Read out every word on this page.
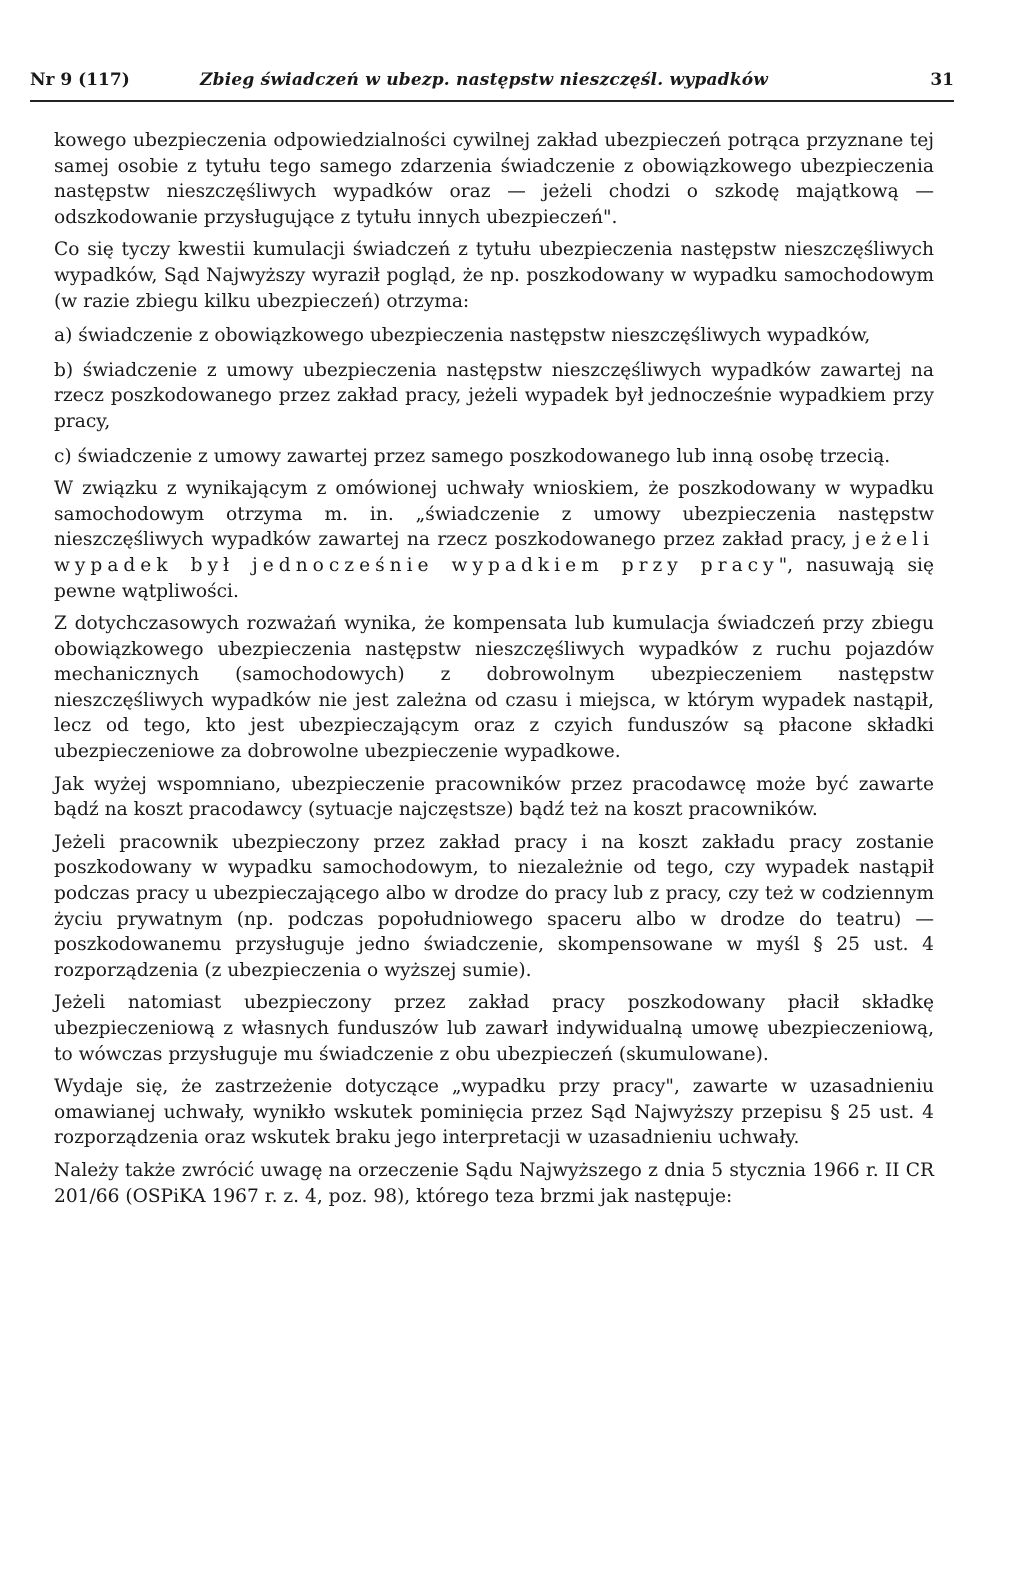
Nr 9 (117)	Zbieg świadczeń w ubezp. następstw nieszczęśl. wypadków	31

kowego ubezpieczenia odpowiedzialności cywilnej zakład ubezpieczeń potrąca przyznane tej samej osobie z tytułu tego samego zdarzenia świadczenie z obowiązkowego ubezpieczenia następstw nieszczęśliwych wypadków oraz — jeżeli chodzi o szkodę majątkową — odszkodowanie przysługujące z tytułu innych ubezpieczeń".

Co się tyczy kwestii kumulacji świadczeń z tytułu ubezpieczenia następstw nieszczęśliwych wypadków, Sąd Najwyższy wyraził pogląd, że np. poszkodowany w wypadku samochodowym (w razie zbiegu kilku ubezpieczeń) otrzyma:

a) świadczenie z obowiązkowego ubezpieczenia następstw nieszczęśliwych wypadków,

b) świadczenie z umowy ubezpieczenia następstw nieszczęśliwych wypadków zawartej na rzecz poszkodowanego przez zakład pracy, jeżeli wypadek był jednocześnie wypadkiem przy pracy,

c) świadczenie z umowy zawartej przez samego poszkodowanego lub inną osobę trzecią.

W związku z wynikającym z omówionej uchwały wnioskiem, że poszkodowany w wypadku samochodowym otrzyma m. in. „świadczenie z umowy ubezpieczenia następstw nieszczęśliwych wypadków zawartej na rzecz poszkodowanego przez zakład pracy, jeżeli wypadek był jednocześnie wypadkiem przy pracy", nasuwają się pewne wątpliwości.

Z dotychczasowych rozważań wynika, że kompensata lub kumulacja świadczeń przy zbiegu obowiązkowego ubezpieczenia następstw nieszczęśliwych wypadków z ruchu pojazdów mechanicznych (samochodowych) z dobrowolnym ubezpieczeniem następstw nieszczęśliwych wypadków nie jest zależna od czasu i miejsca, w którym wypadek nastąpił, lecz od tego, kto jest ubezpieczającym oraz z czyich funduszów są płacone składki ubezpieczeniowe za dobrowolne ubezpieczenie wypadkowe.

Jak wyżej wspomniano, ubezpieczenie pracowników przez pracodawcę może być zawarte bądź na koszt pracodawcy (sytuacje najczęstsze) bądź też na koszt pracowników.

Jeżeli pracownik ubezpieczony przez zakład pracy i na koszt zakładu pracy zostanie poszkodowany w wypadku samochodowym, to niezależnie od tego, czy wypadek nastąpił podczas pracy u ubezpieczającego albo w drodze do pracy lub z pracy, czy też w codziennym życiu prywatnym (np. podczas popołudniowego spaceru albo w drodze do teatru) — poszkodowanemu przysługuje jedno świadczenie, skompensowane w myśl § 25 ust. 4 rozporządzenia (z ubezpieczenia o wyższej sumie).

Jeżeli natomiast ubezpieczony przez zakład pracy poszkodowany płacił składkę ubezpieczeniową z własnych funduszów lub zawarł indywidualną umowę ubezpieczeniową, to wówczas przysługuje mu świadczenie z obu ubezpieczeń (skumulowane).

Wydaje się, że zastrzeżenie dotyczące „wypadku przy pracy", zawarte w uzasadnieniu omawianej uchwały, wynikło wskutek pominięcia przez Sąd Najwyższy przepisu § 25 ust. 4 rozporządzenia oraz wskutek braku jego interpretacji w uzasadnieniu uchwały.

Należy także zwrócić uwagę na orzeczenie Sądu Najwyższego z dnia 5 stycznia 1966 r. II CR 201/66 (OSPiKA 1967 r. z. 4, poz. 98), którego teza brzmi jak następuje:
